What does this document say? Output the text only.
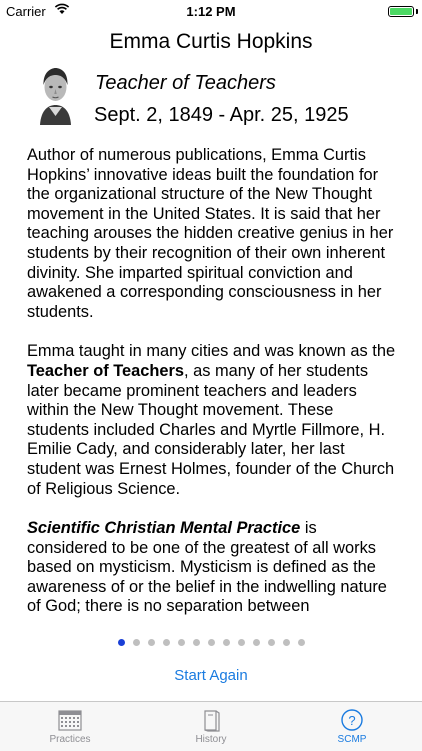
Carrier	1:12 PM
Emma Curtis Hopkins
Teacher of Teachers
Sept. 2, 1849 - Apr. 25, 1925

Author of numerous publications, Emma Curtis Hopkins’ innovative ideas built the foundation for the organizational structure of the New Thought movement in the United States. It is said that her teaching arouses the hidden creative genius in her students by their recognition of their own inherent divinity. She imparted spiritual conviction and awakened a corresponding consciousness in her students.

Emma taught in many cities and was known as the Teacher of Teachers, as many of her students later became prominent teachers and leaders within the New Thought movement. These students included Charles and Myrtle Fillmore, H. Emilie Cady, and considerably later, her last student was Ernest Holmes, founder of the Church of Religious Science.

Scientific Christian Mental Practice is considered to be one of the greatest of all works based on mysticism. Mysticism is defined as the awareness of or the belief in the indwelling nature of God; there is no separation between

Start Again
Practices	History
?
SCMP
